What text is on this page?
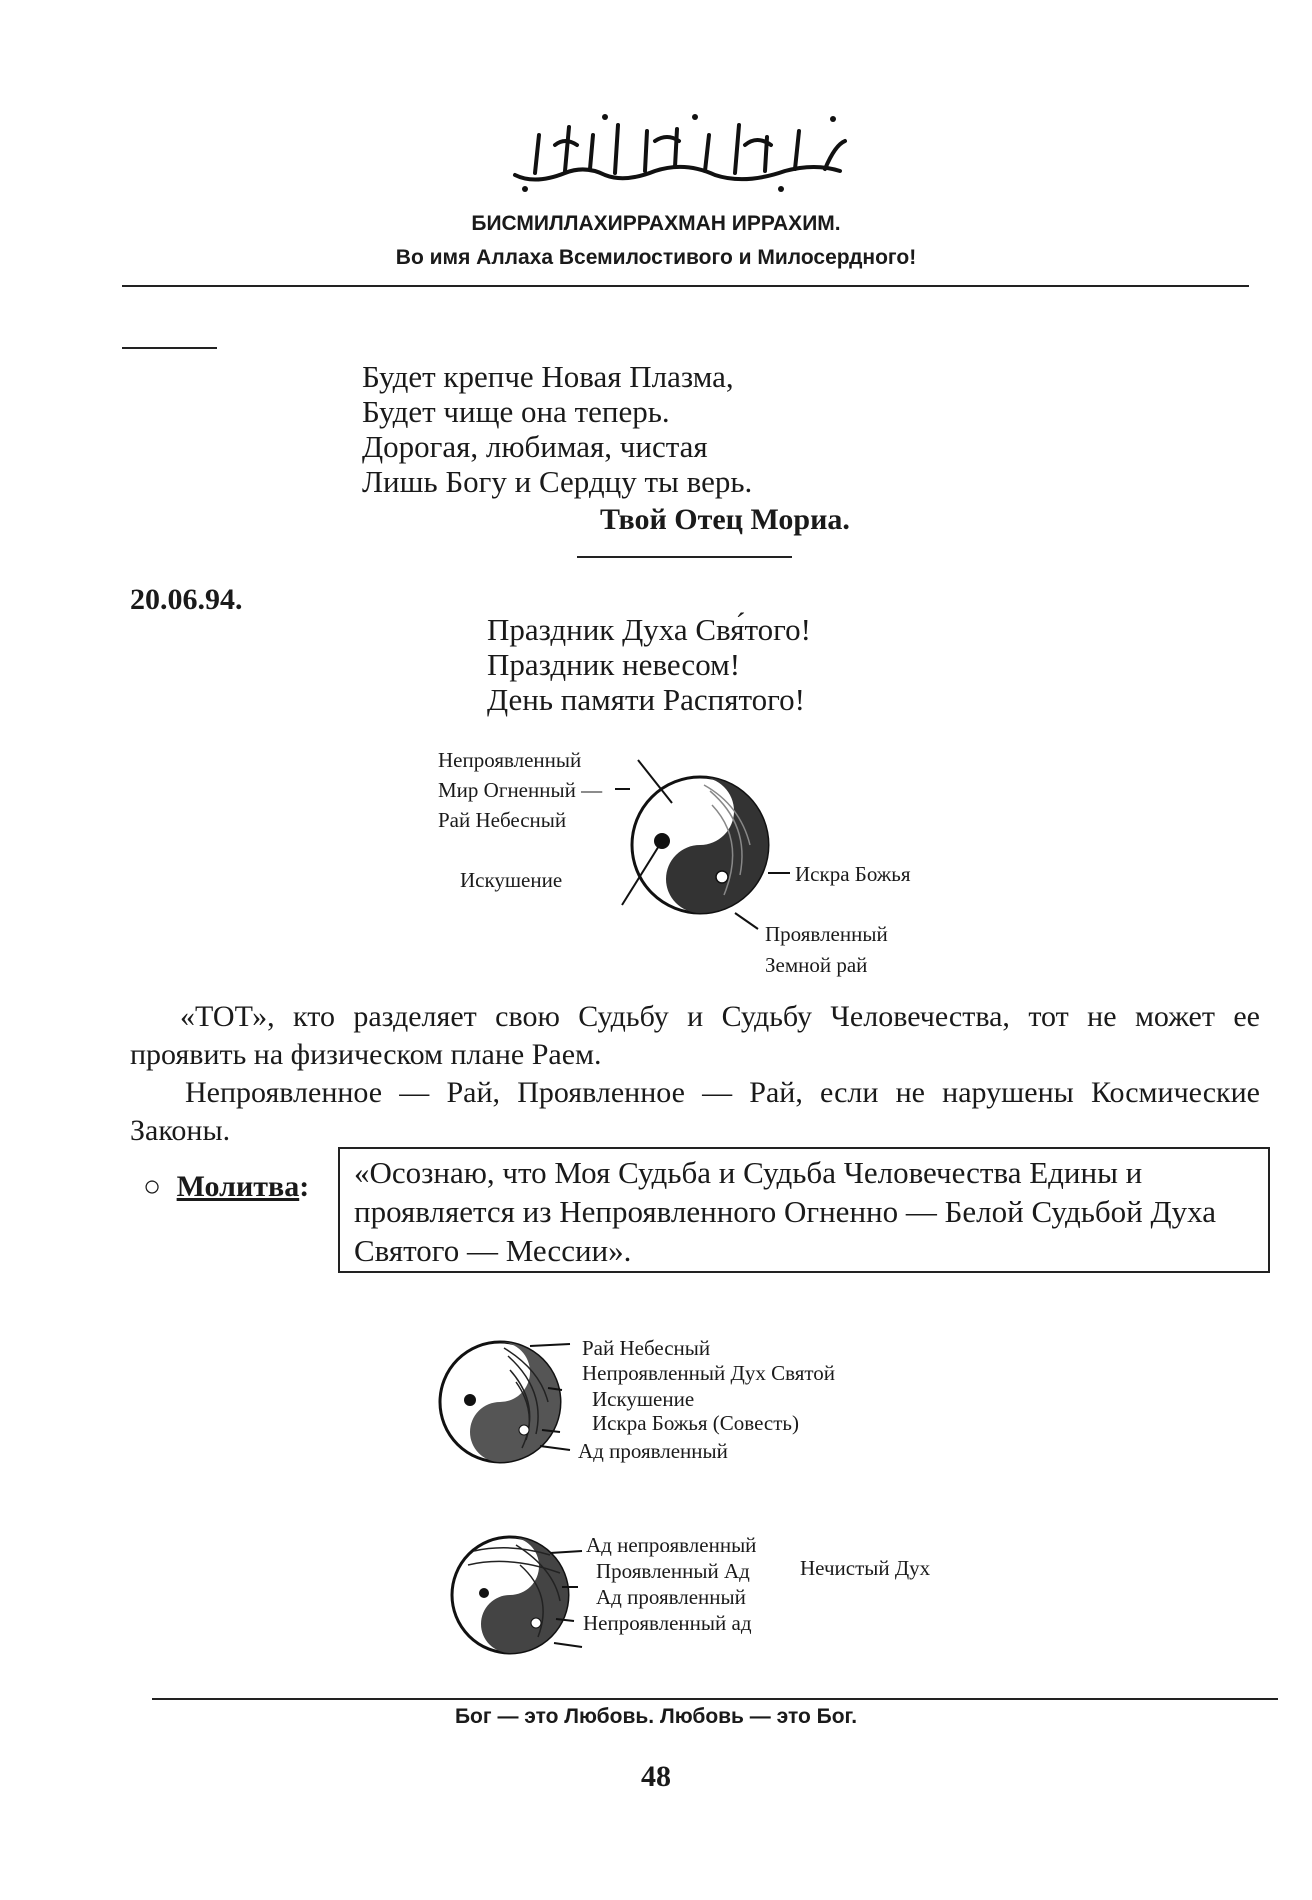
БИСМИЛЛАХИРРАХМАН ИРРАХИМ.
Во имя Аллаха Всемилостивого и Милосердного!
Будет крепче Новая Плазма,
Будет чище она теперь.
Дорогая, любимая, чистая
Лишь Богу и Сердцу ты верь.
Твой Отец Мориа.
20.06.94.
Праздник Духа Свя́того!
Праздник невесом!
День памяти Распятого!
Непроявленный
Мир Огненный —
Рай Небесный
Искушение	Искра Божья
Проявленный
Земной рай
«ТОТ», кто разделяет свою Судьбу и Судьбу Человечества, тот не может ее проявить на физическом плане Раем.
Непроявленное — Рай, Проявленное — Рай, если не нарушены Космические Законы.
○ Молитва:	«Осознаю, что Моя Судьба и Судьба Человечества Едины и проявляется из Непроявленного Огненно — Белой Судьбой Духа Святого — Мессии».
Рай Небесный
Непроявленный Дух Святой
Искушение
Искра Божья (Совесть)
Ад проявленный
Ад непроявленный
Проявленный Ад Нечистый Дух
Ад проявленный
Непроявленный ад
Бог — это Любовь. Любовь — это Бог.
48
